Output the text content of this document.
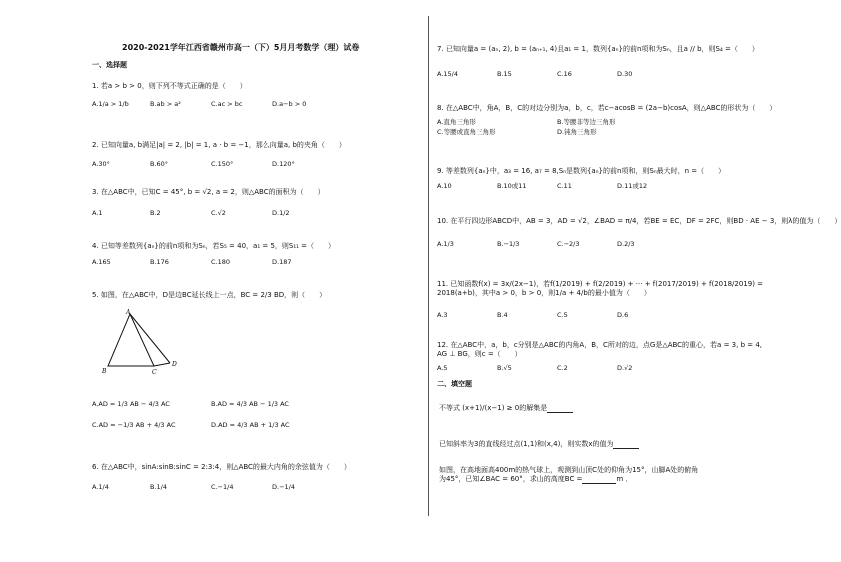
2020-2021学年江西省赣州市高一（下）5月月考数学（理）试卷
一、选择题
1. 若a > b > 0，则下列不等式正确的是（　　）
A.1/a > 1/b	B.ab > a²	C.ac > bc	D.a−b > 0
2. 已知向量a, b满足|a| = 2, |b| = 1, a · b = −1，那么向量a, b的夹角（　　）
A.30°	B.60°	C.150°	D.120°
3. 在△ABC中，已知C = 45°, b = √2, a = 2，则△ABC的面积为（　　）
A.1	B.2	C.√2	D.1/2
4. 已知等差数列{aₙ}的前n项和为Sₙ，若S₅ = 40，a₁ = 5，则S₁₁ =（　　）
A.165	B.176	C.180	D.187
5. 如图，在△ABC中，D是边BC延长线上一点，BC = 2/3 BD，则（　　）
A
B	C
D
A.AD = 1/3 AB − 4/3 AC	B.AD = 4/3 AB − 1/3 AC
C.AD = −1/3 AB + 4/3 AC	D.AD = 4/3 AB + 1/3 AC
6. 在△ABC中，sinA:sinB:sinC = 2:3:4，则△ABC的最大内角的余弦值为（　　）
A.1/4	B.1/4	C.−1/4	D.−1/4
7. 已知向量a = (aₙ, 2), b = (aₙ₊₁, 4)且a₁ = 1，数列{aₙ}的前n项和为Sₙ，且a // b，则S₄ =（　　）
A.15/4	B.15	C.16	D.30
8. 在△ABC中，角A，B，C的对边分别为a，b，c，若c−acosB = (2a−b)cosA，则△ABC的形状为（　　）
A.直角三角形	B.等腰非等边三角形
C.等腰或直角三角形	D.钝角三角形
9. 等差数列{aₙ}中，a₃ = 16, a₇ = 8,Sₙ是数列{aₙ}的前n项和，则Sₙ最大时，n =（　　）
A.10	B.10或11	C.11	D.11或12
10. 在平行四边形ABCD中，AB = 3，AD = √2，∠BAD = π/4，若BE = EC，DF = 2FC，则BD · AE − 3，则λ的值为（　　）
A.1/3	B.−1/3	C.−2/3	D.2/3
11. 已知函数f(x) = 3x/(2x−1)，若f(1/2019) + f(2/2019) + ··· + f(2017/2019) + f(2018/2019) = 2018(a+b)，其中a > 0，b > 0，则1/a + 4/b的最小值为（　　）
A.3	B.4	C.5	D.6
12. 在△ABC中，a，b，c分别是△ABC的内角A，B，C所对的边，点G是△ABC的重心，若a = 3, b = 4, AG ⊥ BG，则c =（　　）
A.5	B.√5	C.2	D.√2
二、填空题
不等式 (x+1)/(x−1) ≥ 0的解集是
已知斜率为3的直线经过点(1,1)和(x,4)，则实数x的值为
如图，在高地面高400m的热气球上，观测到山顶C处的仰角为15°，山脚A处的俯角为45°，已知∠BAC = 60°，求山的高度BC =	m ．
